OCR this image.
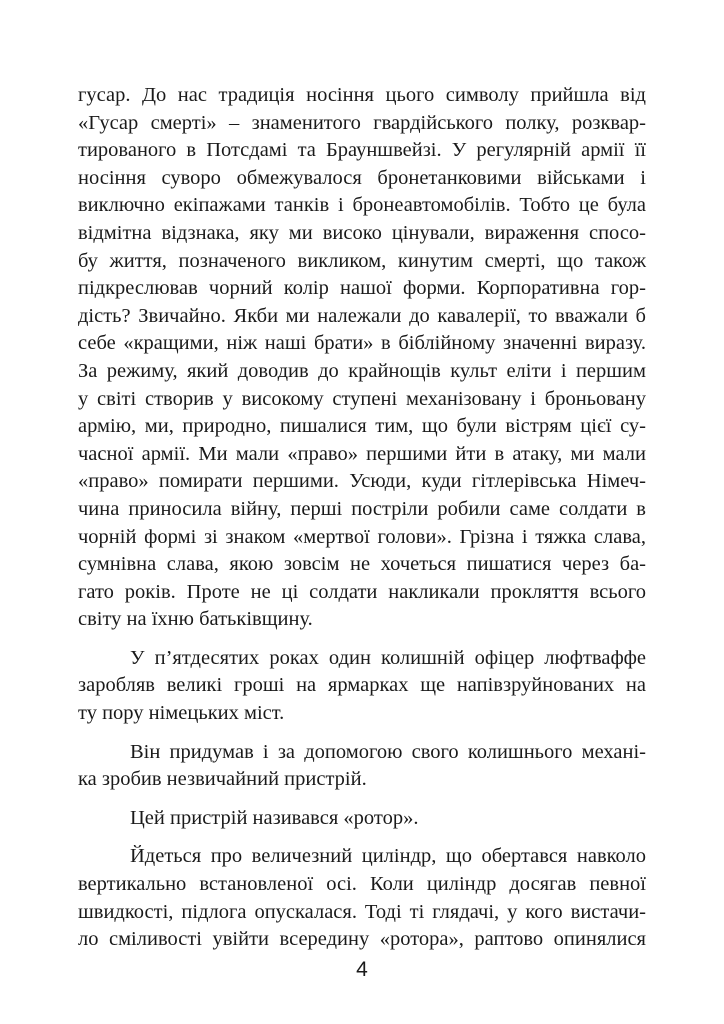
гусар. До нас традиція носіння цього символу прийшла від
«Гусар смерті» – знаменитого гвардійського полку, розквар-
тированого в Потсдамі та Брауншвейзі. У регулярній армії її
носіння суворо обмежувалося бронетанковими військами і
виключно екіпажами танків і бронеавтомобілів. Тобто це була
відмітна відзнака, яку ми високо цінували, вираження спосо-
бу життя, позначеного викликом, кинутим смерті, що також
підкреслював чорний колір нашої форми. Корпоративна гор-
дість? Звичайно. Якби ми належали до кавалерії, то вважали б
себе «кращими, ніж наші брати» в біблійному значенні виразу.
За режиму, який доводив до крайнощів культ еліти і першим
у світі створив у високому ступені механізовану і броньовану
армію, ми, природно, пишалися тим, що були вістрям цієї су-
часної армії. Ми мали «право» першими йти в атаку, ми мали
«право» помирати першими. Усюди, куди гітлерівська Німеч-
чина приносила війну, перші постріли робили саме солдати в
чорній формі зі знаком «мертвої голови». Грізна і тяжка слава,
сумнівна слава, якою зовсім не хочеться пишатися через ба-
гато років. Проте не ці солдати накликали прокляття всього
світу на їхню батьківщину.
У п’ятдесятих роках один колишній офіцер люфтваффе
заробляв великі гроші на ярмарках ще напівзруйнованих на
ту пору німецьких міст.
Він придумав і за допомогою свого колишнього механі-
ка зробив незвичайний пристрій.
Цей пристрій називався «ротор».
Йдеться про величезний циліндр, що обертався навколо
вертикально встановленої осі. Коли циліндр досягав певної
швидкості, підлога опускалася. Тоді ті глядачі, у кого вистачи-
ло сміливості увійти всередину «ротора», раптово опинялися
4
